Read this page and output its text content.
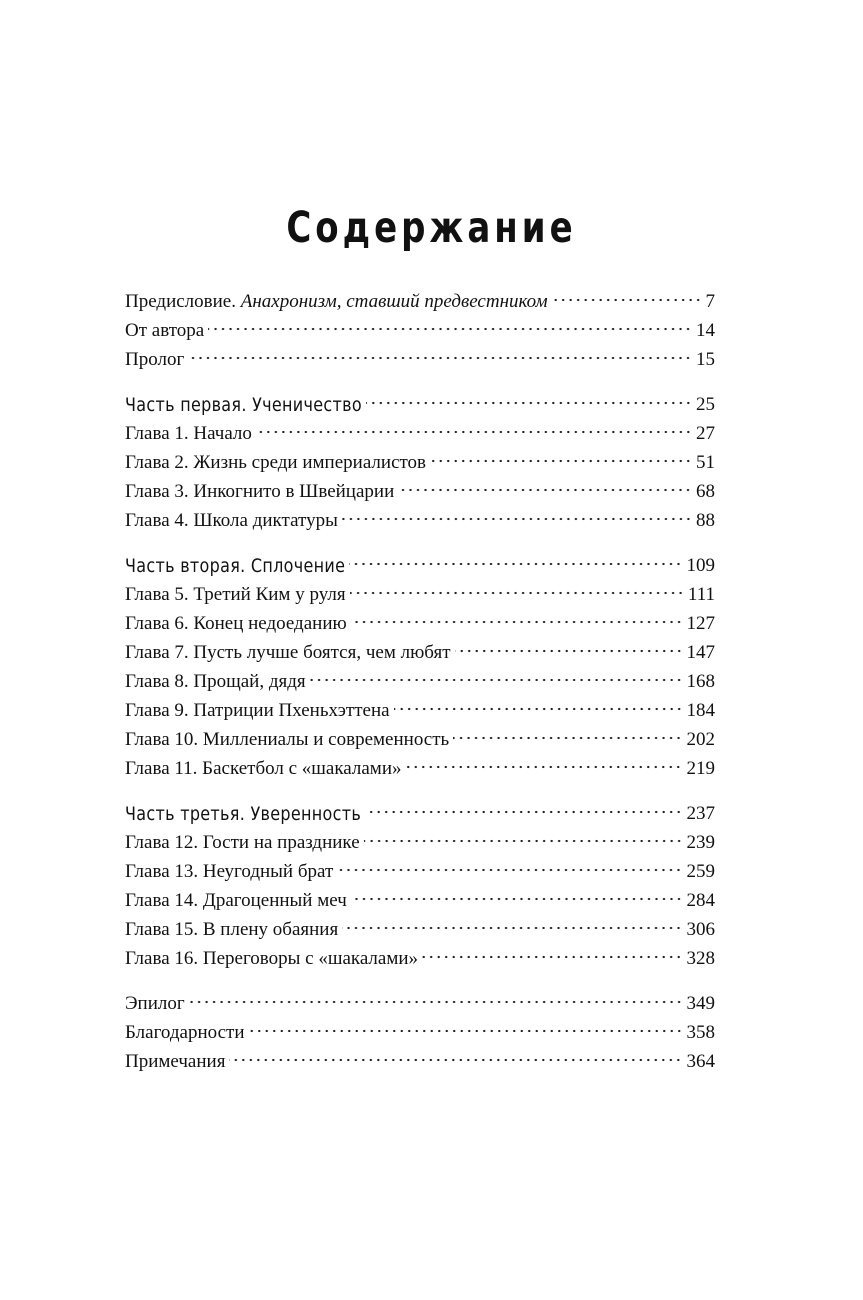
Содержание
Предисловие. Анахронизм, ставший предвестником	7
От автора	14
Пролог	15
Часть первая. Ученичество	25
Глава 1. Начало	27
Глава 2. Жизнь среди империалистов	51
Глава 3. Инкогнито в Швейцарии	68
Глава 4. Школа диктатуры	88
Часть вторая. Сплочение	109
Глава 5. Третий Ким у руля	111
Глава 6. Конец недоеданию	127
Глава 7. Пусть лучше боятся, чем любят	147
Глава 8. Прощай, дядя	168
Глава 9. Патриции Пхеньхэттена	184
Глава 10. Миллениалы и современность	202
Глава 11. Баскетбол с «шакалами»	219
Часть третья. Уверенность	237
Глава 12. Гости на празднике	239
Глава 13. Неугодный брат	259
Глава 14. Драгоценный меч	284
Глава 15. В плену обаяния	306
Глава 16. Переговоры с «шакалами»	328
Эпилог	349
Благодарности	358
Примечания	364
